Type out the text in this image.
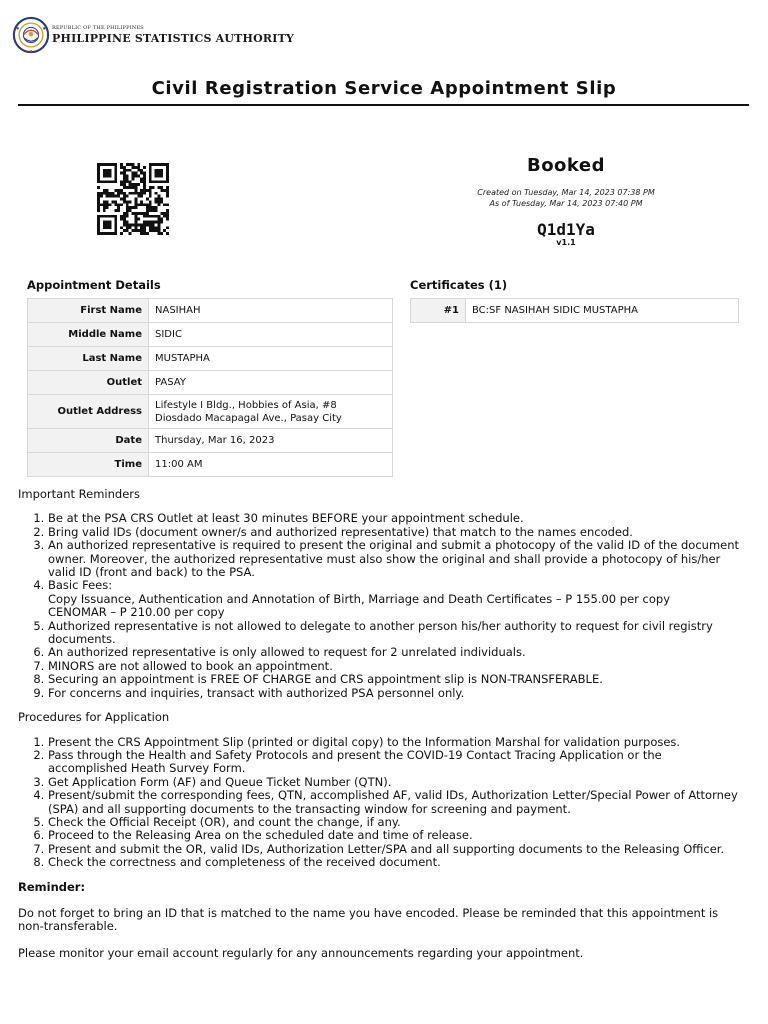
REPUBLIC OF THE PHILIPPINES
PHILIPPINE STATISTICS AUTHORITY
Civil Registration Service Appointment Slip
Booked
Created on Tuesday, Mar 14, 2023 07:38 PM
As of Tuesday, Mar 14, 2023 07:40 PM
Q1d1Ya
v1.1
Appointment Details
First Name	NASIHAH
Middle Name	SIDIC
Last Name	MUSTAPHA
Outlet	PASAY
Outlet Address	Lifestyle I Bldg., Hobbies of Asia, #8 Diosdado Macapagal Ave., Pasay City
Date	Thursday, Mar 16, 2023
Time	11:00 AM
Certificates (1)
#1	BC:SF NASIHAH SIDIC MUSTAPHA

Important Reminders

1. Be at the PSA CRS Outlet at least 30 minutes BEFORE your appointment schedule.
2. Bring valid IDs (document owner/s and authorized representative) that match to the names encoded.
3. An authorized representative is required to present the original and submit a photocopy of the valid ID of the document owner. Moreover, the authorized representative must also show the original and shall provide a photocopy of his/her valid ID (front and back) to the PSA.
4. Basic Fees:
Copy Issuance, Authentication and Annotation of Birth, Marriage and Death Certificates – P 155.00 per copy
CENOMAR – P 210.00 per copy
5. Authorized representative is not allowed to delegate to another person his/her authority to request for civil registry documents.
6. An authorized representative is only allowed to request for 2 unrelated individuals.
7. MINORS are not allowed to book an appointment.
8. Securing an appointment is FREE OF CHARGE and CRS appointment slip is NON-TRANSFERABLE.
9. For concerns and inquiries, transact with authorized PSA personnel only.

Procedures for Application

1. Present the CRS Appointment Slip (printed or digital copy) to the Information Marshal for validation purposes.
2. Pass through the Health and Safety Protocols and present the COVID-19 Contact Tracing Application or the accomplished Heath Survey Form.
3. Get Application Form (AF) and Queue Ticket Number (QTN).
4. Present/submit the corresponding fees, QTN, accomplished AF, valid IDs, Authorization Letter/Special Power of Attorney (SPA) and all supporting documents to the transacting window for screening and payment.
5. Check the Official Receipt (OR), and count the change, if any.
6. Proceed to the Releasing Area on the scheduled date and time of release.
7. Present and submit the OR, valid IDs, Authorization Letter/SPA and all supporting documents to the Releasing Officer.
8. Check the correctness and completeness of the received document.

Reminder:

Do not forget to bring an ID that is matched to the name you have encoded. Please be reminded that this appointment is non-transferable.

Please monitor your email account regularly for any announcements regarding your appointment.
